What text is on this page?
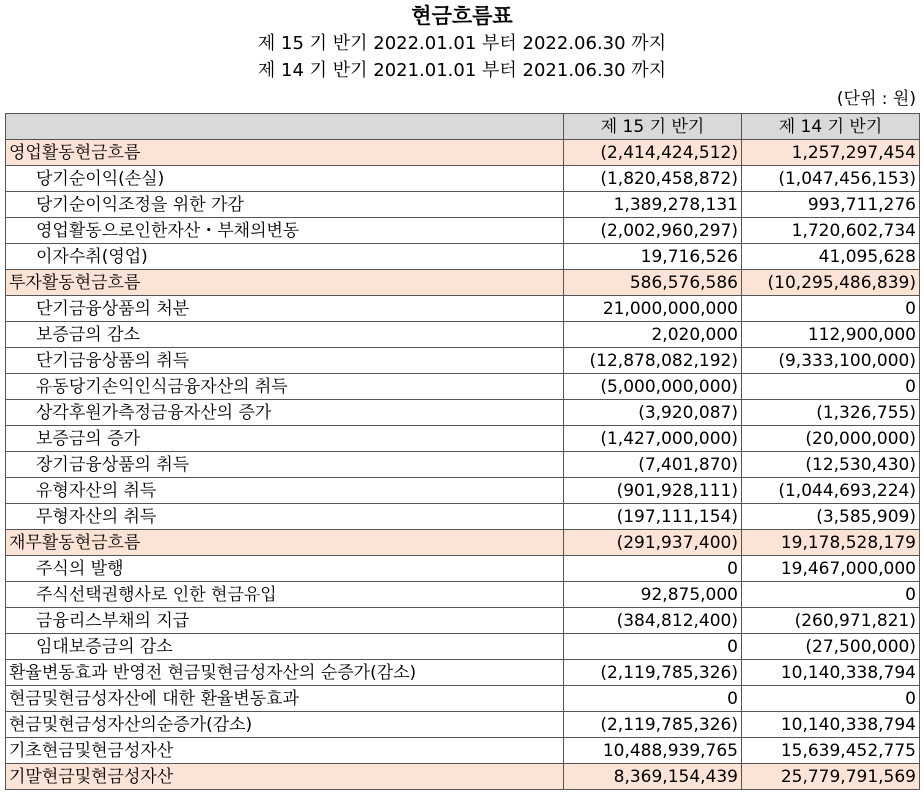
현금흐름표
제 15 기 반기 2022.01.01 부터 2022.06.30 까지
제 14 기 반기 2021.01.01 부터 2021.06.30 까지
(단위 : 원)
	제 15 기 반기	제 14 기 반기
영업활동현금흐름	(2,414,424,512)	1,257,297,454
당기순이익(손실)	(1,820,458,872)	(1,047,456,153)
당기순이익조정을 위한 가감	1,389,278,131	993,711,276
영업활동으로인한자산・부채의변동	(2,002,960,297)	1,720,602,734
이자수취(영업)	19,716,526	41,095,628
투자활동현금흐름	586,576,586	(10,295,486,839)
단기금융상품의 처분	21,000,000,000	0
보증금의 감소	2,020,000	112,900,000
단기금융상품의 취득	(12,878,082,192)	(9,333,100,000)
유동당기손익인식금융자산의 취득	(5,000,000,000)	0
상각후원가측정금융자산의 증가	(3,920,087)	(1,326,755)
보증금의 증가	(1,427,000,000)	(20,000,000)
장기금융상품의 취득	(7,401,870)	(12,530,430)
유형자산의 취득	(901,928,111)	(1,044,693,224)
무형자산의 취득	(197,111,154)	(3,585,909)
재무활동현금흐름	(291,937,400)	19,178,528,179
주식의 발행	0	19,467,000,000
주식선택권행사로 인한 현금유입	92,875,000	0
금융리스부채의 지급	(384,812,400)	(260,971,821)
임대보증금의 감소	0	(27,500,000)
환율변동효과 반영전 현금및현금성자산의 순증가(감소)	(2,119,785,326)	10,140,338,794
현금및현금성자산에 대한 환율변동효과	0	0
현금및현금성자산의순증가(감소)	(2,119,785,326)	10,140,338,794
기초현금및현금성자산	10,488,939,765	15,639,452,775
기말현금및현금성자산	8,369,154,439	25,779,791,569
